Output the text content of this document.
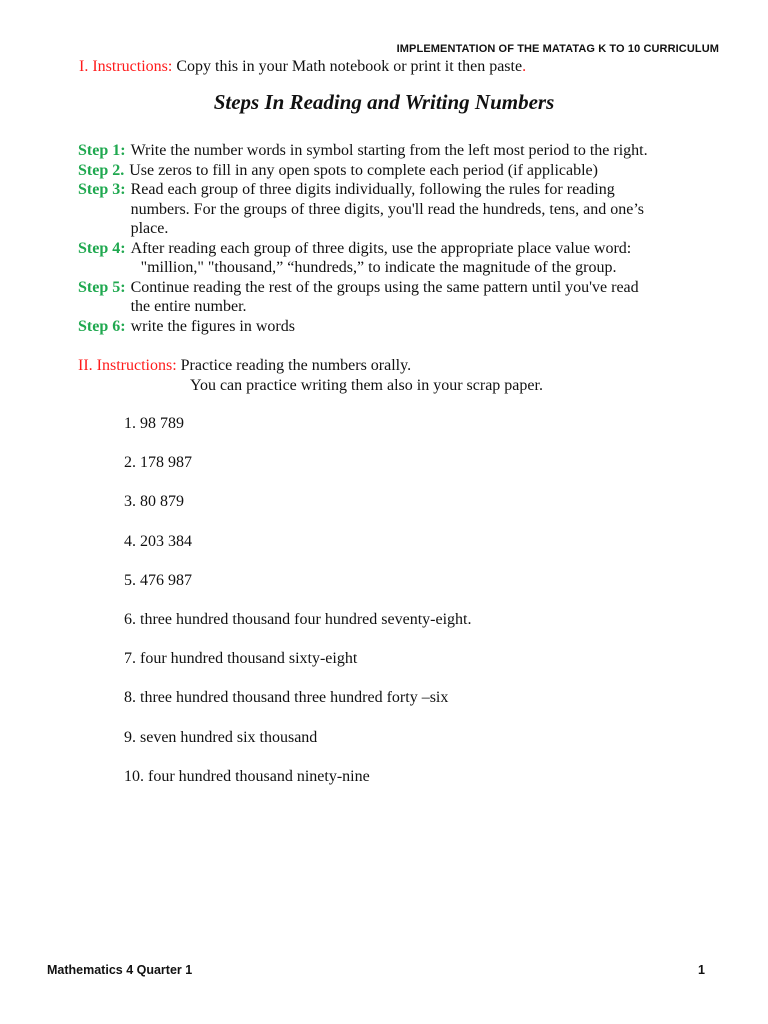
IMPLEMENTATION OF THE MATATAG K TO 10 CURRICULUM
I. Instructions: Copy this in your Math notebook or print it then paste.
Steps In Reading and Writing Numbers
Step 1: Write the number words in symbol starting from the left most period to the right.
Step 2. Use zeros to fill in any open spots to complete each period (if applicable)
Step 3: Read each group of three digits individually, following the rules for reading
numbers. For the groups of three digits, you'll read the hundreds, tens, and one’s
place.
Step 4: After reading each group of three digits, use the appropriate place value word:
"million," "thousand,” “hundreds,” to indicate the magnitude of the group.
Step 5: Continue reading the rest of the groups using the same pattern until you've read
the entire number.
Step 6: write the figures in words
II. Instructions: Practice reading the numbers orally.
You can practice writing them also in your scrap paper.
1. 98 789
2. 178 987
3. 80 879
4. 203 384
5. 476 987
6. three hundred thousand four hundred seventy-eight.
7. four hundred thousand sixty-eight
8. three hundred thousand three hundred forty –six
9. seven hundred six thousand
10. four hundred thousand ninety-nine
Mathematics 4 Quarter 1	1
